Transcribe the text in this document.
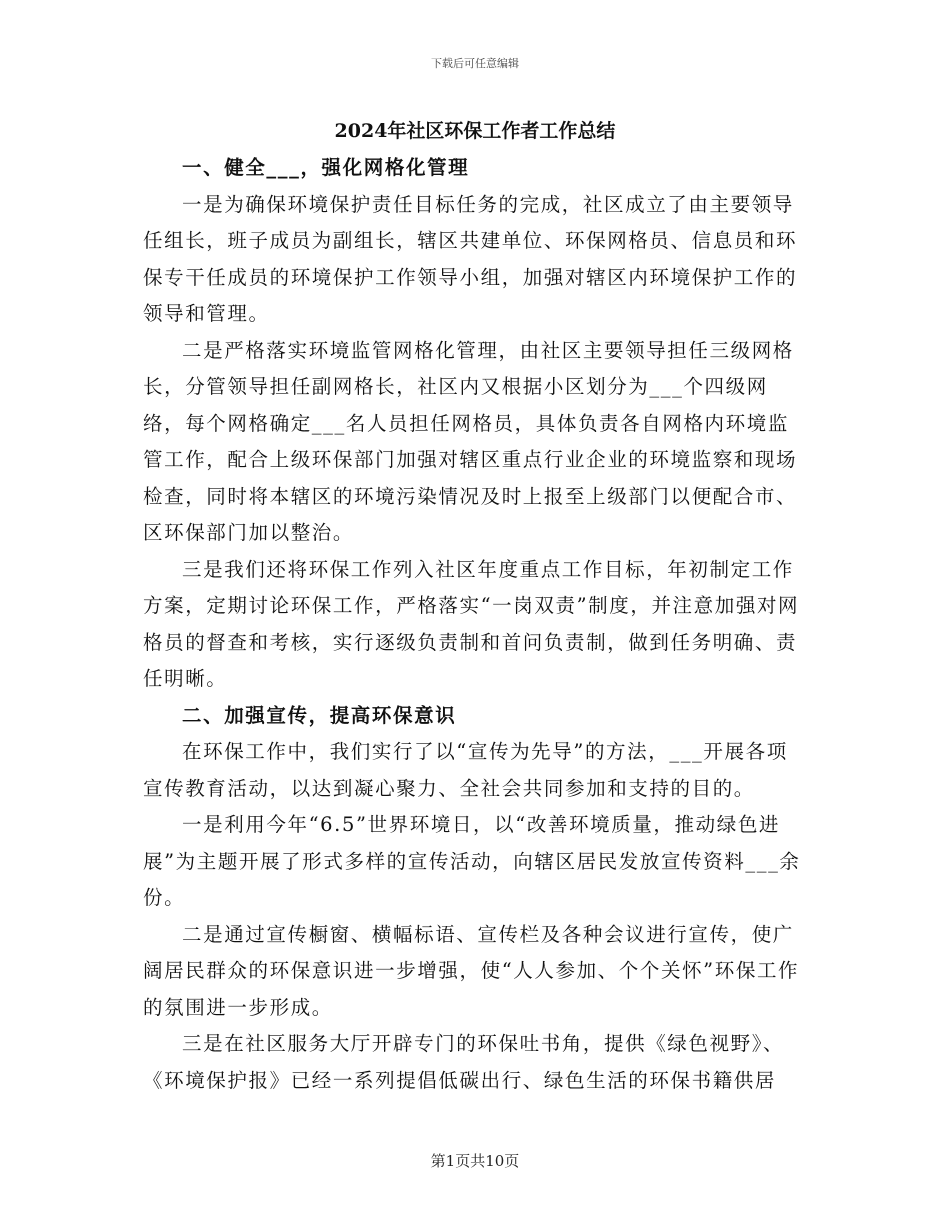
下载后可任意编辑
2024年社区环保工作者工作总结
一、健全___，强化网格化管理

一是为确保环境保护责任目标任务的完成，社区成立了由主要领导任组长，班子成员为副组长，辖区共建单位、环保网格员、信息员和环保专干任成员的环境保护工作领导小组，加强对辖区内环境保护工作的领导和管理。

二是严格落实环境监管网格化管理，由社区主要领导担任三级网格长，分管领导担任副网格长，社区内又根据小区划分为___个四级网络，每个网格确定___名人员担任网格员，具体负责各自网格内环境监管工作，配合上级环保部门加强对辖区重点行业企业的环境监察和现场检查，同时将本辖区的环境污染情况及时上报至上级部门以便配合市、区环保部门加以整治。

三是我们还将环保工作列入社区年度重点工作目标，年初制定工作方案，定期讨论环保工作，严格落实“一岗双责”制度，并注意加强对网格员的督查和考核，实行逐级负责制和首问负责制，做到任务明确、责任明晰。

二、加强宣传，提高环保意识

在环保工作中，我们实行了以“宣传为先导”的方法，___开展各项宣传教育活动，以达到凝心聚力、全社会共同参加和支持的目的。

一是利用今年“6.5”世界环境日，以“改善环境质量，推动绿色进展”为主题开展了形式多样的宣传活动，向辖区居民发放宣传资料___余份。

二是通过宣传橱窗、横幅标语、宣传栏及各种会议进行宣传，使广阔居民群众的环保意识进一步增强，使“人人参加、个个关怀”环保工作的氛围进一步形成。

三是在社区服务大厅开辟专门的环保吐书角，提供《绿色视野》、《环境保护报》已经一系列提倡低碳出行、绿色生活的环保书籍供居

第1页共10页
